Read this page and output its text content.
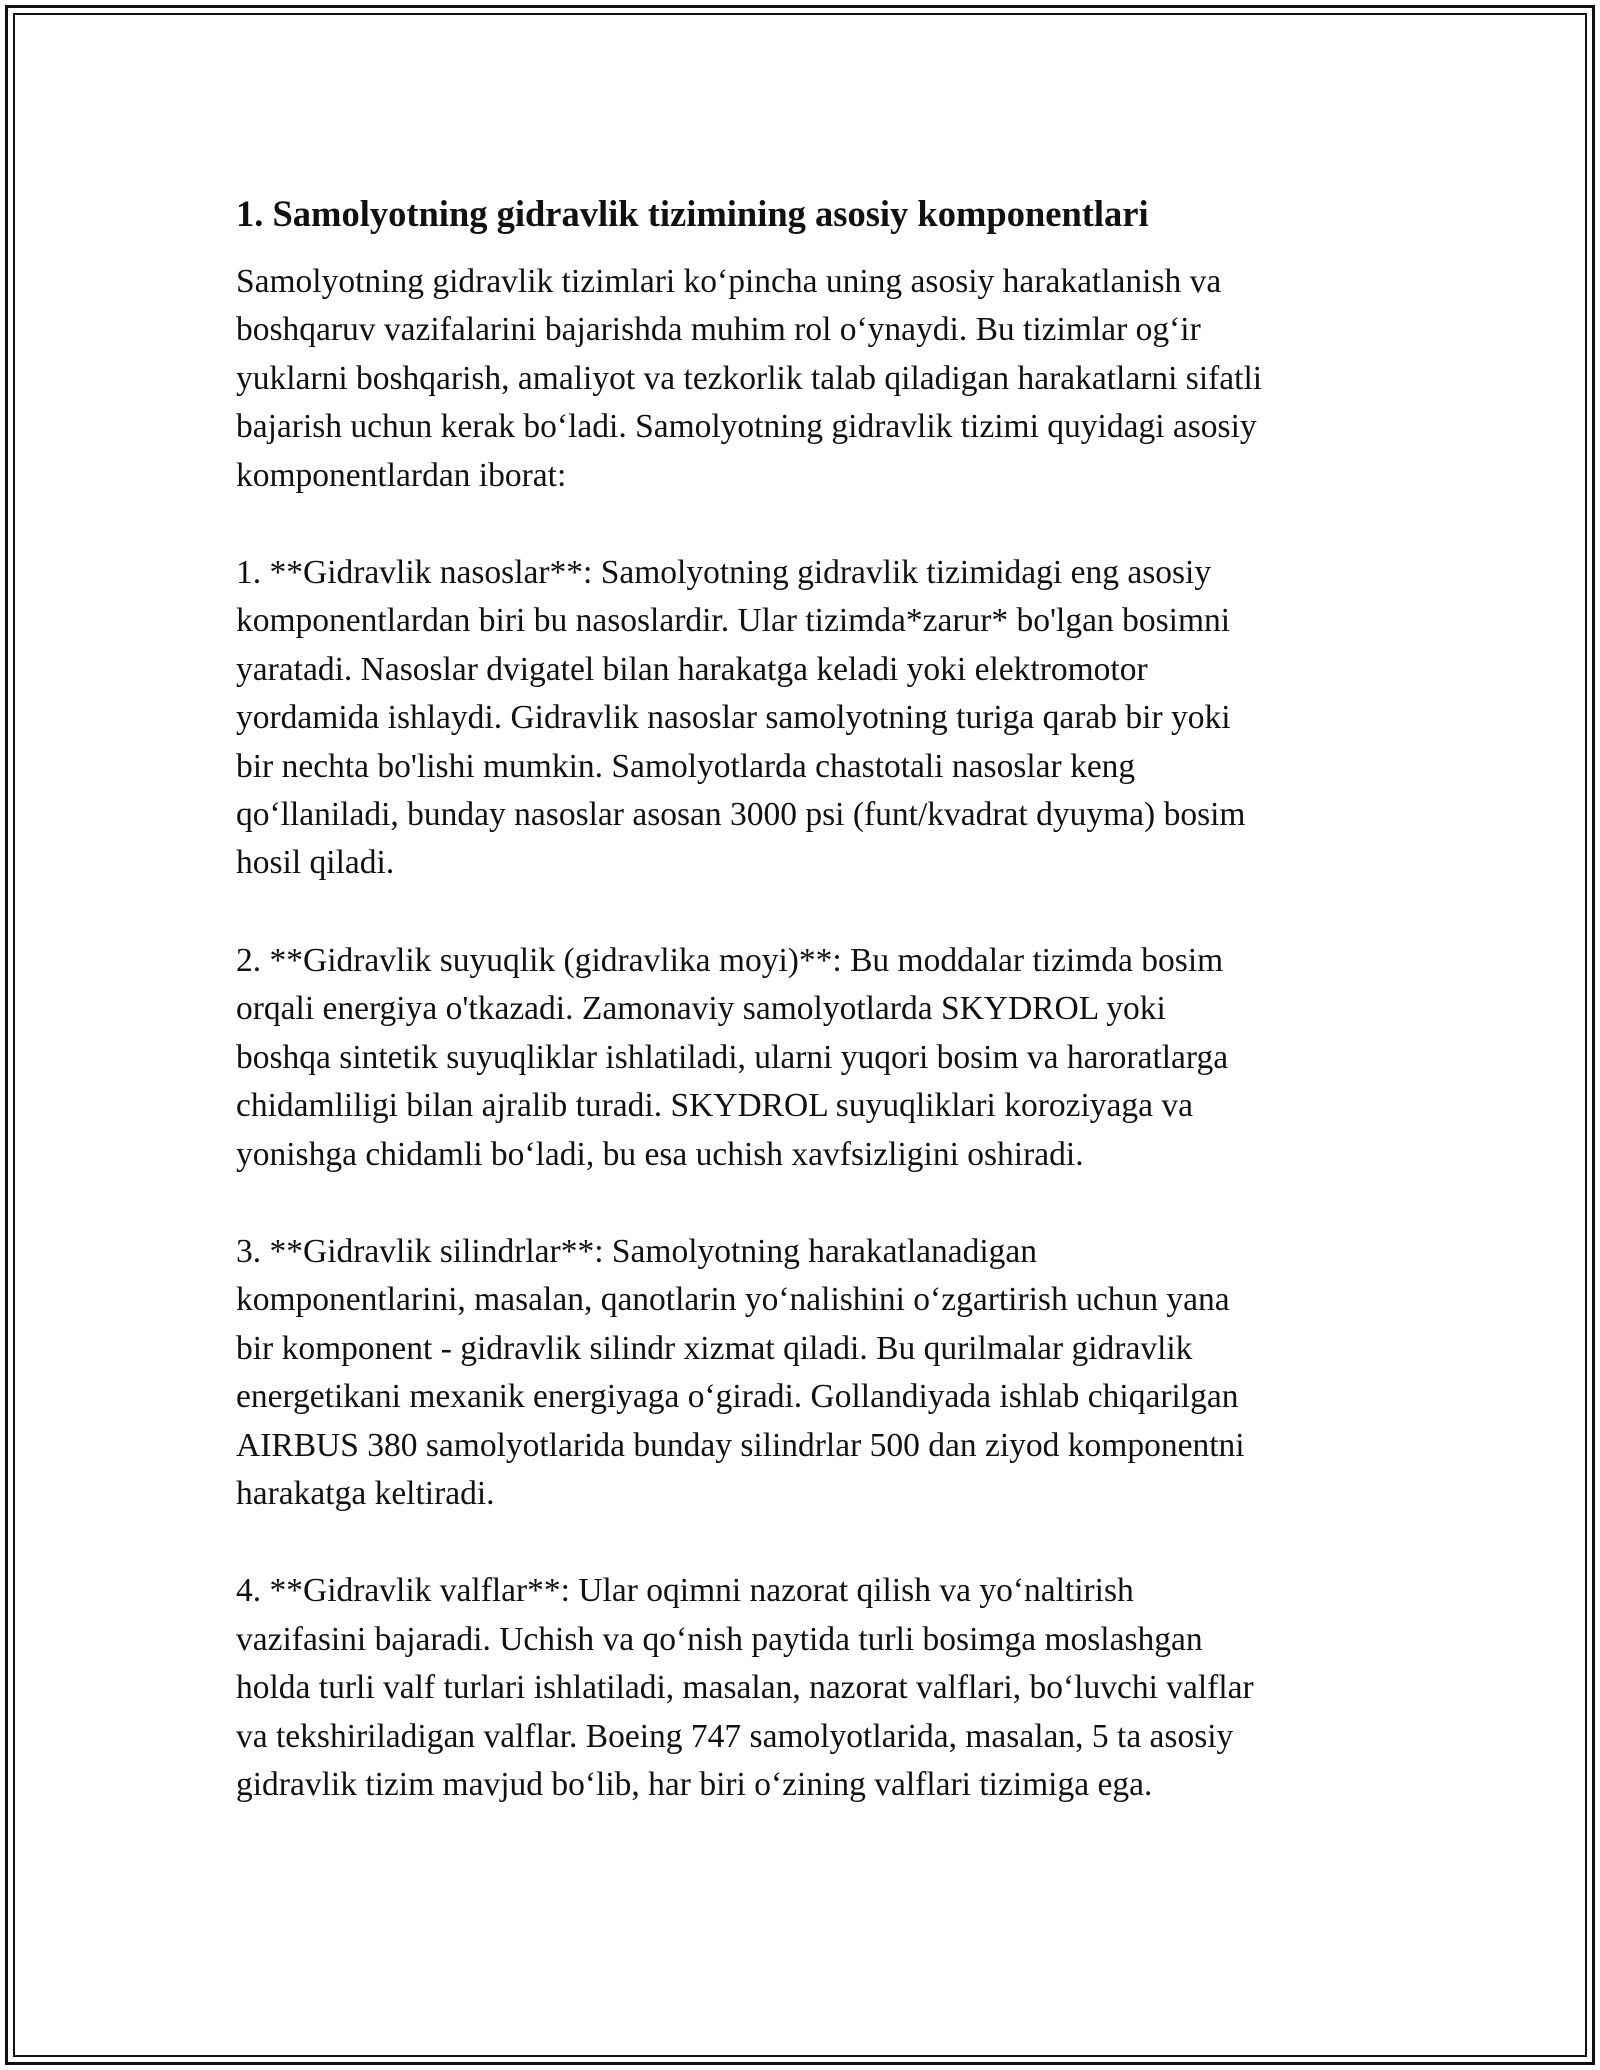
1. Samolyotning gidravlik tizimining asosiy komponentlari

Samolyotning gidravlik tizimlari ko‘pincha uning asosiy harakatlanish va
boshqaruv vazifalarini bajarishda muhim rol o‘ynaydi. Bu tizimlar og‘ir
yuklarni boshqarish, amaliyot va tezkorlik talab qiladigan harakatlarni sifatli
bajarish uchun kerak bo‘ladi. Samolyotning gidravlik tizimi quyidagi asosiy
komponentlardan iborat:

1. **Gidravlik nasoslar**: Samolyotning gidravlik tizimidagi eng asosiy
komponentlardan biri bu nasoslardir. Ular tizimda*zarur* bo'lgan bosimni
yaratadi. Nasoslar dvigatel bilan harakatga keladi yoki elektromotor
yordamida ishlaydi. Gidravlik nasoslar samolyotning turiga qarab bir yoki
bir nechta bo'lishi mumkin. Samolyotlarda chastotali nasoslar keng
qo‘llaniladi, bunday nasoslar asosan 3000 psi (funt/kvadrat dyuyma) bosim
hosil qiladi.

2. **Gidravlik suyuqlik (gidravlika moyi)**: Bu moddalar tizimda bosim
orqali energiya o'tkazadi. Zamonaviy samolyotlarda SKYDROL yoki
boshqa sintetik suyuqliklar ishlatiladi, ularni yuqori bosim va haroratlarga
chidamliligi bilan ajralib turadi. SKYDROL suyuqliklari koroziyaga va
yonishga chidamli bo‘ladi, bu esa uchish xavfsizligini oshiradi.

3. **Gidravlik silindrlar**: Samolyotning harakatlanadigan
komponentlarini, masalan, qanotlarin yo‘nalishini o‘zgartirish uchun yana
bir komponent - gidravlik silindr xizmat qiladi. Bu qurilmalar gidravlik
energetikani mexanik energiyaga o‘giradi. Gollandiyada ishlab chiqarilgan
AIRBUS 380 samolyotlarida bunday silindrlar 500 dan ziyod komponentni
harakatga keltiradi.

4. **Gidravlik valflar**: Ular oqimni nazorat qilish va yo‘naltirish
vazifasini bajaradi. Uchish va qo‘nish paytida turli bosimga moslashgan
holda turli valf turlari ishlatiladi, masalan, nazorat valflari, bo‘luvchi valflar
va tekshiriladigan valflar. Boeing 747 samolyotlarida, masalan, 5 ta asosiy
gidravlik tizim mavjud bo‘lib, har biri o‘zining valflari tizimiga ega.
